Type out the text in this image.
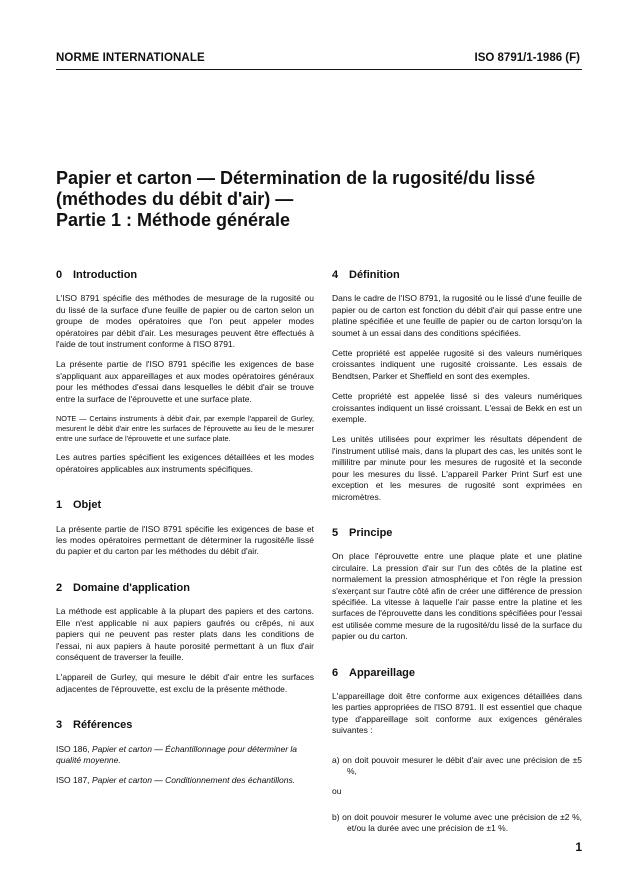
NORME INTERNATIONALE	ISO 8791/1-1986 (F)
Papier et carton — Détermination de la rugosité/du lissé
(méthodes du débit d'air) —
Partie 1 : Méthode générale
0 Introduction
L'ISO 8791 spécifie des méthodes de mesurage de la rugosité ou du lissé de la surface d'une feuille de papier ou de carton selon un groupe de modes opératoires que l'on peut appeler modes opératoires par débit d'air. Les mesurages peuvent être effectués à l'aide de tout instrument conforme à l'ISO 8791.
La présente partie de l'ISO 8791 spécifie les exigences de base s'appliquant aux appareillages et aux modes opératoires généraux pour les méthodes d'essai dans lesquelles le débit d'air se trouve entre la surface de l'éprouvette et une surface plate.
NOTE — Certains instruments à débit d'air, par exemple l'appareil de Gurley, mesurent le débit d'air entre les surfaces de l'éprouvette au lieu de le mesurer entre une surface de l'éprouvette et une surface plate.
Les autres parties spécifient les exigences détaillées et les modes opératoires applicables aux instruments spécifiques.
1 Objet
La présente partie de l'ISO 8791 spécifie les exigences de base et les modes opératoires permettant de déterminer la rugosité/le lissé du papier et du carton par les méthodes du débit d'air.
2 Domaine d'application
La méthode est applicable à la plupart des papiers et des cartons. Elle n'est applicable ni aux papiers gaufrés ou crêpés, ni aux papiers qui ne peuvent pas rester plats dans les conditions de l'essai, ni aux papiers à haute porosité permettant à un flux d'air conséquent de traverser la feuille.
L'appareil de Gurley, qui mesure le débit d'air entre les surfaces adjacentes de l'éprouvette, est exclu de la présente méthode.
3 Références
ISO 186, Papier et carton — Échantillonnage pour déterminer la qualité moyenne.
ISO 187, Papier et carton — Conditionnement des échantillons.
4 Définition
Dans le cadre de l'ISO 8791, la rugosité ou le lissé d'une feuille de papier ou de carton est fonction du débit d'air qui passe entre une platine spécifiée et une feuille de papier ou de carton lorsqu'on la soumet à un essai dans des conditions spécifiées.
Cette propriété est appelée rugosité si des valeurs numériques croissantes indiquent une rugosité croissante. Les essais de Bendtsen, Parker et Sheffield en sont des exemples.
Cette propriété est appelée lissé si des valeurs numériques croissantes indiquent un lissé croissant. L'essai de Bekk en est un exemple.
Les unités utilisées pour exprimer les résultats dépendent de l'instrument utilisé mais, dans la plupart des cas, les unités sont le millilitre par minute pour les mesures de rugosité et la seconde pour les mesures du lissé. L'appareil Parker Print Surf est une exception et les mesures de rugosité sont exprimées en micromètres.
5 Principe
On place l'éprouvette entre une plaque plate et une platine circulaire. La pression d'air sur l'un des côtés de la platine est normalement la pression atmosphérique et l'on règle la pression s'exerçant sur l'autre côté afin de créer une différence de pression spécifiée. La vitesse à laquelle l'air passe entre la platine et les surfaces de l'éprouvette dans les conditions spécifiées pour l'essai est utilisée comme mesure de la rugosité/du lissé de la surface du papier ou du carton.
6 Appareillage
L'appareillage doit être conforme aux exigences détaillées dans les parties appropriées de l'ISO 8791. Il est essentiel que chaque type d'appareillage soit conforme aux exigences générales suivantes :
a) on doit pouvoir mesurer le débit d'air avec une précision de ±5 %,
ou
b) on doit pouvoir mesurer le volume avec une précision de ±2 %, et/ou la durée avec une précision de ±1 %.
1
